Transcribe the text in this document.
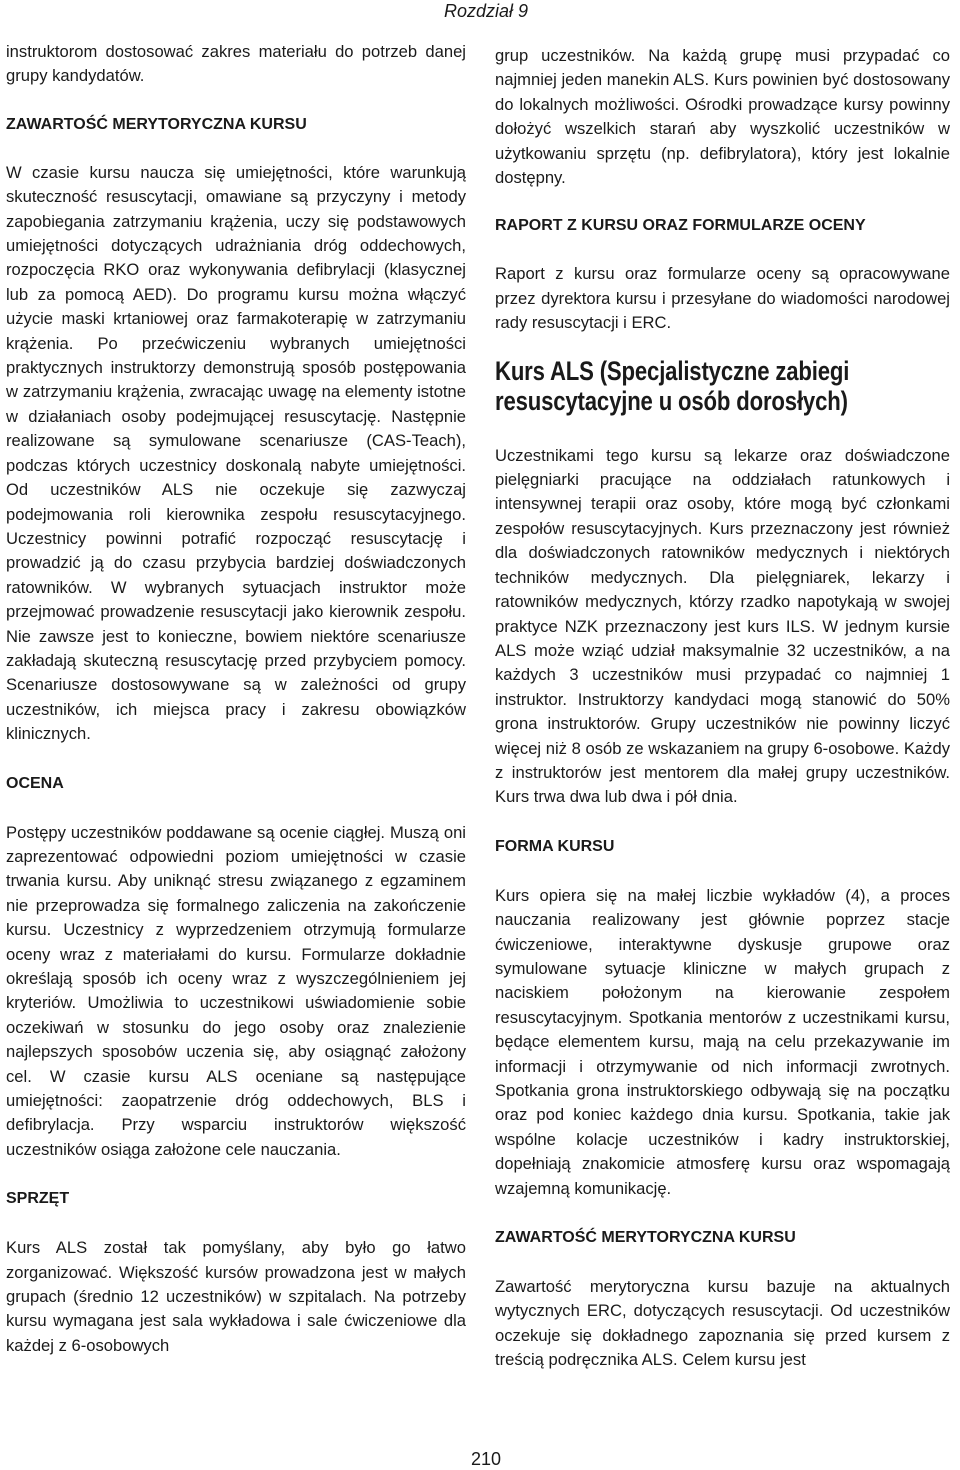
Rozdział 9

instruktorom dostosować zakres materiału do potrzeb danej grupy kandydatów.

ZAWARTOŚĆ MERYTORYCZNA KURSU

W czasie kursu naucza się umiejętności, które warunkują skuteczność resuscytacji, omawiane są przyczyny i metody zapobiegania zatrzymaniu krążenia, uczy się podstawowych umiejętności dotyczących udrażniania dróg oddechowych, rozpoczęcia RKO oraz wykonywania defibrylacji (klasycznej lub za pomocą AED). Do programu kursu można włączyć użycie maski krtaniowej oraz farmakoterapię w zatrzymaniu krążenia. Po przećwiczeniu wybranych umiejętności praktycznych instruktorzy demonstrują sposób postępowania w zatrzymaniu krążenia, zwracając uwagę na elementy istotne w działaniach osoby podejmującej resuscytację. Następnie realizowane są symulowane scenariusze (CAS-Teach), podczas których uczestnicy doskonalą nabyte umiejętności. Od uczestników ALS nie oczekuje się zazwyczaj podejmowania roli kierownika zespołu resuscytacyjnego. Uczestnicy powinni potrafić rozpocząć resuscytację i prowadzić ją do czasu przybycia bardziej doświadczonych ratowników. W wybranych sytuacjach instruktor może przejmować prowadzenie resuscytacji jako kierownik zespołu. Nie zawsze jest to konieczne, bowiem niektóre scenariusze zakładają skuteczną resuscytację przed przybyciem pomocy. Scenariusze dostosowywane są w zależności od grupy uczestników, ich miejsca pracy i zakresu obowiązków klinicznych.

OCENA

Postępy uczestników poddawane są ocenie ciągłej. Muszą oni zaprezentować odpowiedni poziom umiejętności w czasie trwania kursu. Aby uniknąć stresu związanego z egzaminem nie przeprowadza się formalnego zaliczenia na zakończenie kursu. Uczestnicy z wyprzedzeniem otrzymują formularze oceny wraz z materiałami do kursu. Formularze dokładnie określają sposób ich oceny wraz z wyszczególnieniem jej kryteriów. Umożliwia to uczestnikowi uświadomienie sobie oczekiwań w stosunku do jego osoby oraz znalezienie najlepszych sposobów uczenia się, aby osiągnąć założony cel. W czasie kursu ALS oceniane są następujące umiejętności: zaopatrzenie dróg oddechowych, BLS i defibrylacja. Przy wsparciu instruktorów większość uczestników osiąga założone cele nauczania.

SPRZĘT

Kurs ALS został tak pomyślany, aby było go łatwo zorganizować. Większość kursów prowadzona jest w małych grupach (średnio 12 uczestników) w szpitalach. Na potrzeby kursu wymagana jest sala wykładowa i sale ćwiczeniowe dla każdej z 6-osobowych

grup uczestników. Na każdą grupę musi przypadać co najmniej jeden manekin ALS. Kurs powinien być dostosowany do lokalnych możliwości. Ośrodki prowadzące kursy powinny dołożyć wszelkich starań aby wyszkolić uczestników w użytkowaniu sprzętu (np. defibrylatora), który jest lokalnie dostępny.

RAPORT Z KURSU ORAZ FORMULARZE OCENY

Raport z kursu oraz formularze oceny są opracowywane przez dyrektora kursu i przesyłane do wiadomości narodowej rady resuscytacji i ERC.

Kurs ALS (Specjalistyczne zabiegi
resuscytacyjne u osób dorosłych)

Uczestnikami tego kursu są lekarze oraz doświadczone pielęgniarki pracujące na oddziałach ratunkowych i intensywnej terapii oraz osoby, które mogą być członkami zespołów resuscytacyjnych. Kurs przeznaczony jest również dla doświadczonych ratowników medycznych i niektórych techników medycznych. Dla pielęgniarek, lekarzy i ratowników medycznych, którzy rzadko napotykają w swojej praktyce NZK przeznaczony jest kurs ILS. W jednym kursie ALS może wziąć udział maksymalnie 32 uczestników, a na każdych 3 uczestników musi przypadać co najmniej 1 instruktor. Instruktorzy kandydaci mogą stanowić do 50% grona instruktorów. Grupy uczestników nie powinny liczyć więcej niż 8 osób ze wskazaniem na grupy 6-osobowe. Każdy z instruktorów jest mentorem dla małej grupy uczestników. Kurs trwa dwa lub dwa i pół dnia.

FORMA KURSU

Kurs opiera się na małej liczbie wykładów (4), a proces nauczania realizowany jest głównie poprzez stacje ćwiczeniowe, interaktywne dyskusje grupowe oraz symulowane sytuacje kliniczne w małych grupach z naciskiem położonym na kierowanie zespołem resuscytacyjnym. Spotkania mentorów z uczestnikami kursu, będące elementem kursu, mają na celu przekazywanie im informacji i otrzymywanie od nich informacji zwrotnych. Spotkania grona instruktorskiego odbywają się na początku oraz pod koniec każdego dnia kursu. Spotkania, takie jak wspólne kolacje uczestników i kadry instruktorskiej, dopełniają znakomicie atmosferę kursu oraz wspomagają wzajemną komunikację.

ZAWARTOŚĆ MERYTORYCZNA KURSU

Zawartość merytoryczna kursu bazuje na aktualnych wytycznych ERC, dotyczących resuscytacji. Od uczestników oczekuje się dokładnego zapoznania się przed kursem z treścią podręcznika ALS. Celem kursu jest

210
